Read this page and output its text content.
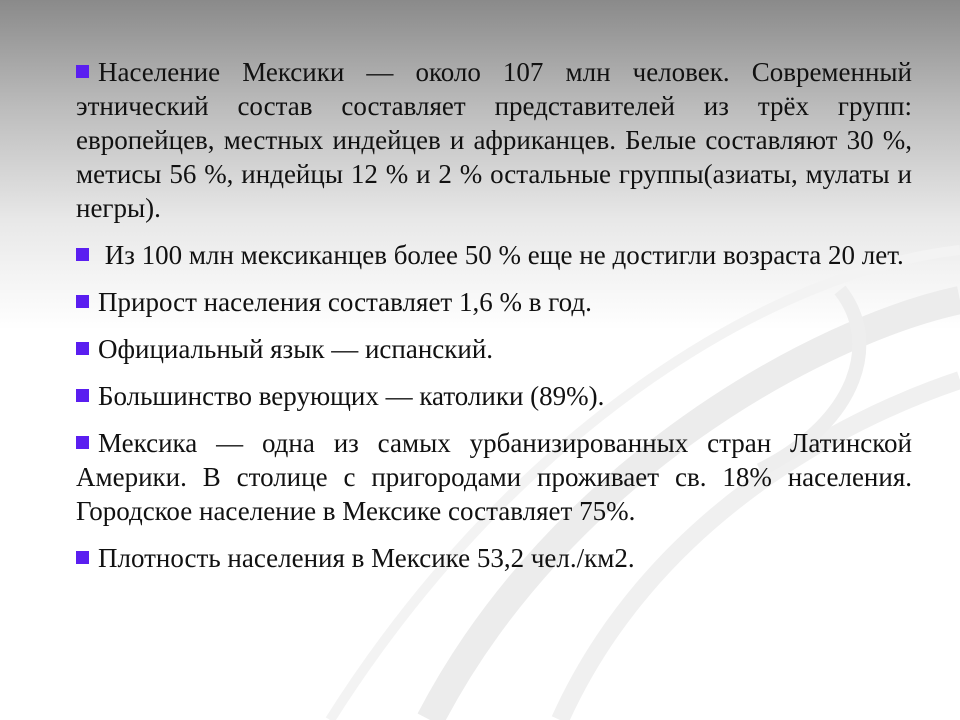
Население Мексики — около 107 млн человек. Современный этнический состав составляет представителей из трёх групп: европейцев, местных индейцев и африканцев. Белые составляют 30 %, метисы 56 %, индейцы 12 % и 2 % остальные группы(азиаты, мулаты и негры).

Из 100 млн мексиканцев более 50 % еще не достигли возраста 20 лет.

Прирост населения составляет 1,6 % в год.

Официальный язык — испанский.

Большинство верующих — католики (89%).

Мексика — одна из самых урбанизированных стран Латинской Америки. В столице с пригородами проживает св. 18% населения. Городское население в Мексике составляет 75%.

Плотность населения в Мексике 53,2 чел./км2.
